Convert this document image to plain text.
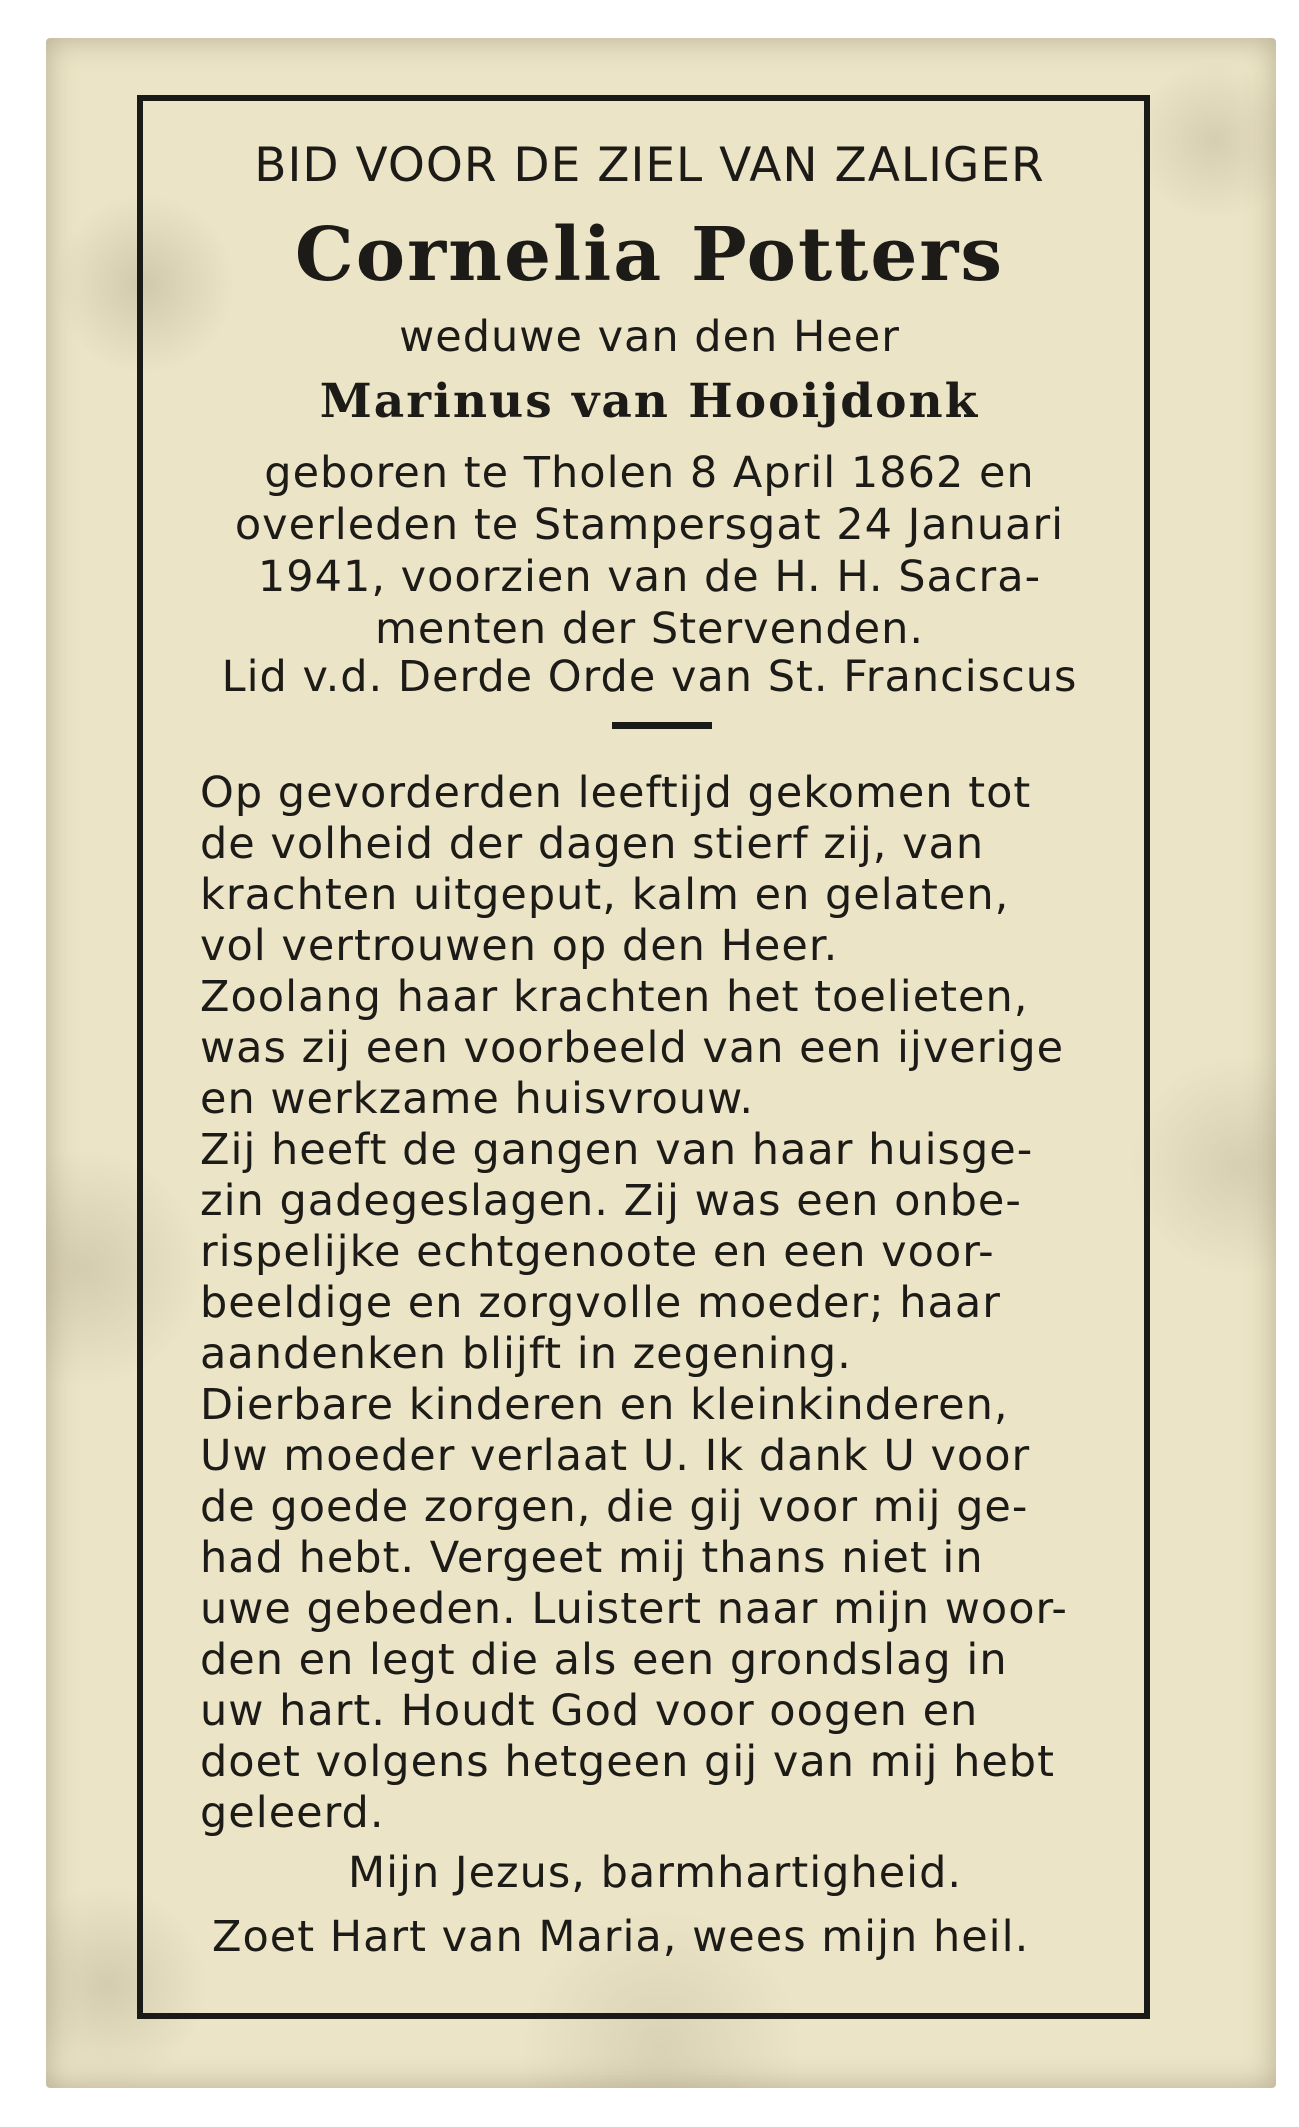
BID VOOR DE ZIEL VAN ZALIGER
Cornelia Potters
weduwe van den Heer
Marinus van Hooijdonk
geboren te Tholen 8 April 1862 en
overleden te Stampersgat 24 Januari
1941, voorzien van de H. H. Sacra-
menten der Stervenden.
Lid v.d. Derde Orde van St. Franciscus
Op gevorderden leeftijd gekomen tot
de volheid der dagen stierf zij, van
krachten uitgeput, kalm en gelaten,
vol vertrouwen op den Heer.
Zoolang haar krachten het toelieten,
was zij een voorbeeld van een ijverige
en werkzame huisvrouw.
Zij heeft de gangen van haar huisge-
zin gadegeslagen. Zij was een onbe-
rispelijke echtgenoote en een voor-
beeldige en zorgvolle moeder; haar
aandenken blijft in zegening.
Dierbare kinderen en kleinkinderen,
Uw moeder verlaat U. Ik dank U voor
de goede zorgen, die gij voor mij ge-
had hebt. Vergeet mij thans niet in
uwe gebeden. Luistert naar mijn woor-
den en legt die als een grondslag in
uw hart. Houdt God voor oogen en
doet volgens hetgeen gij van mij hebt
geleerd.
Mijn Jezus, barmhartigheid.
Zoet Hart van Maria, wees mijn heil.
